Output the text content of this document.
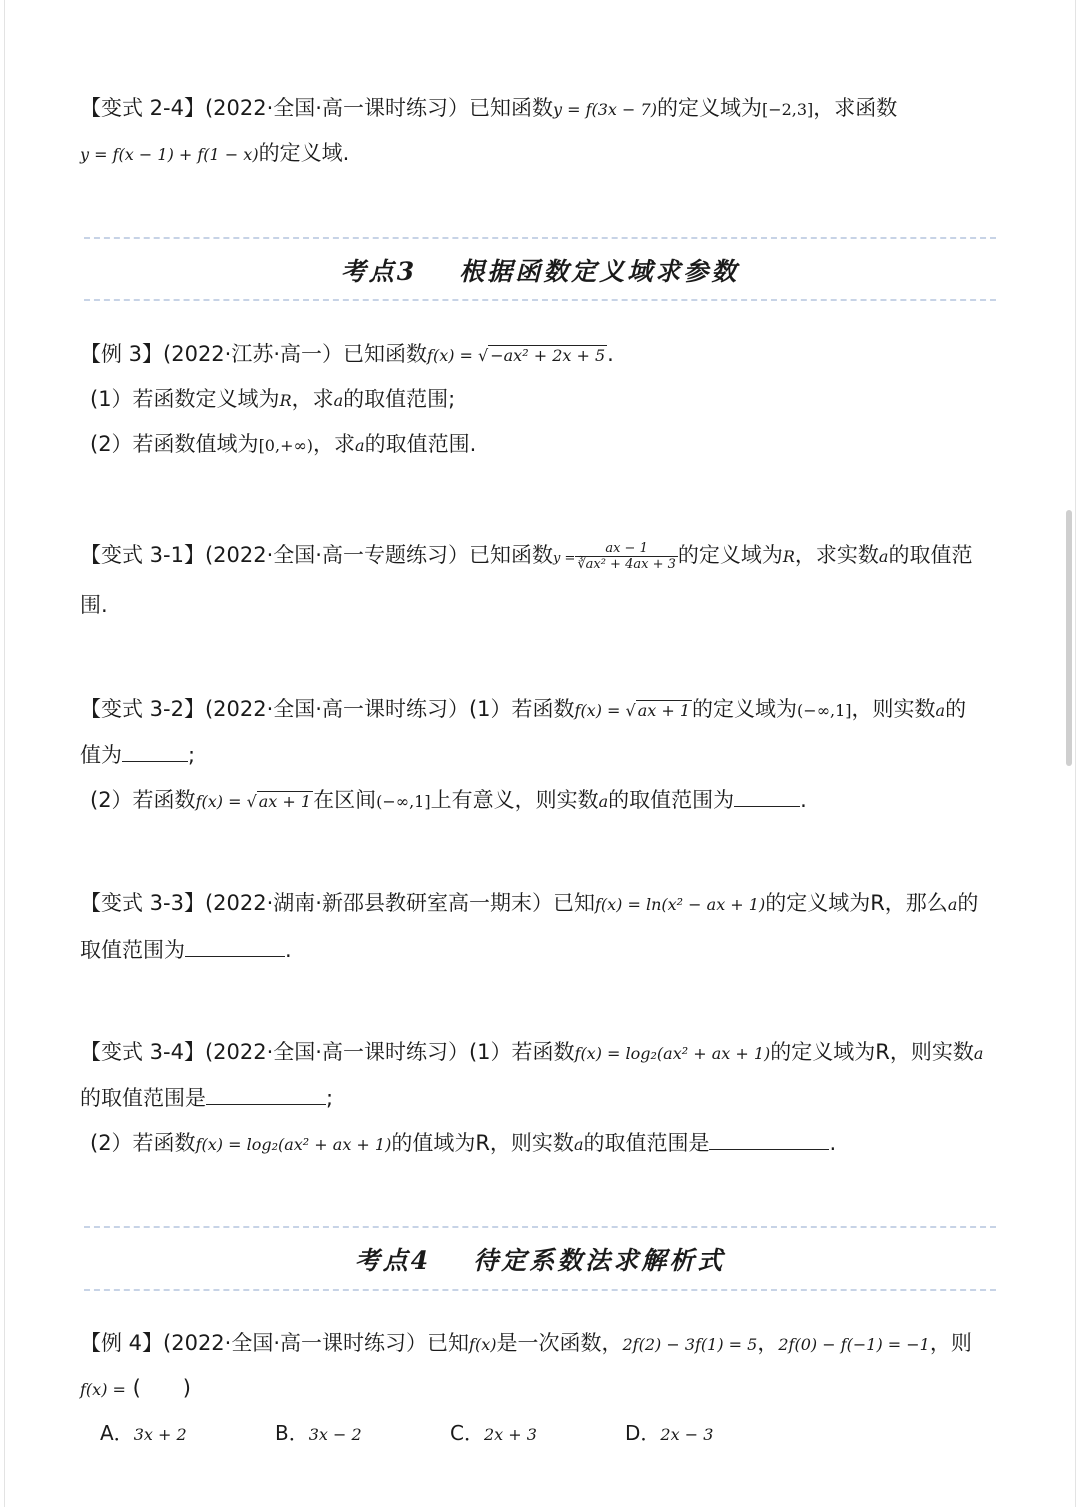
【变式 2-4】(2022·全国·高一课时练习）已知函数y = f(3x − 7)的定义域为[−2,3]，求函数
y = f(x − 1) + f(1 − x)的定义域.
考点3 根据函数定义域求参数
【例 3】(2022·江苏·高一）已知函数f(x) = √ −ax² + 2x + 5.
(1）若函数定义域为R，求a的取值范围;
(2）若函数值域为[0,+∞)，求a的取值范围.
【变式 3-1】(2022·全国·高一专题练习）已知函数$y = \frac{ax - 1}{\text{∛ax² + 4ax + 3}}$ 的定义域为R，求实数a的取值范
围.
【变式 3-2】(2022·全国·高一课时练习）(1）若函数f(x) = √ ax + 1的定义域为(−∞,1]，则实数a的
值为	;
(2）若函数f(x) = √ ax + 1在区间(−∞,1]上有意义，则实数a的取值范围为	.
【变式 3-3】(2022·湖南·新邵县教研室高一期末）已知f(x) = ln(x² − ax + 1)的定义域为R，那么a的
取值范围为	.
【变式 3-4】(2022·全国·高一课时练习）(1）若函数f(x) = log₂(ax² + ax + 1)的定义域为R，则实数a
的取值范围是	;
(2）若函数f(x) = log₂(ax² + ax + 1)的值域为R，则实数a的取值范围是	.
考点4 待定系数法求解析式
【例 4】(2022·全国·高一课时练习）已知f(x)是一次函数，2f(2) − 3f(1) = 5，2f(0) − f(−1) = −1，则
f(x) = (　　)
A．3x + 2	B．3x − 2	C．2x + 3	D．2x − 3
